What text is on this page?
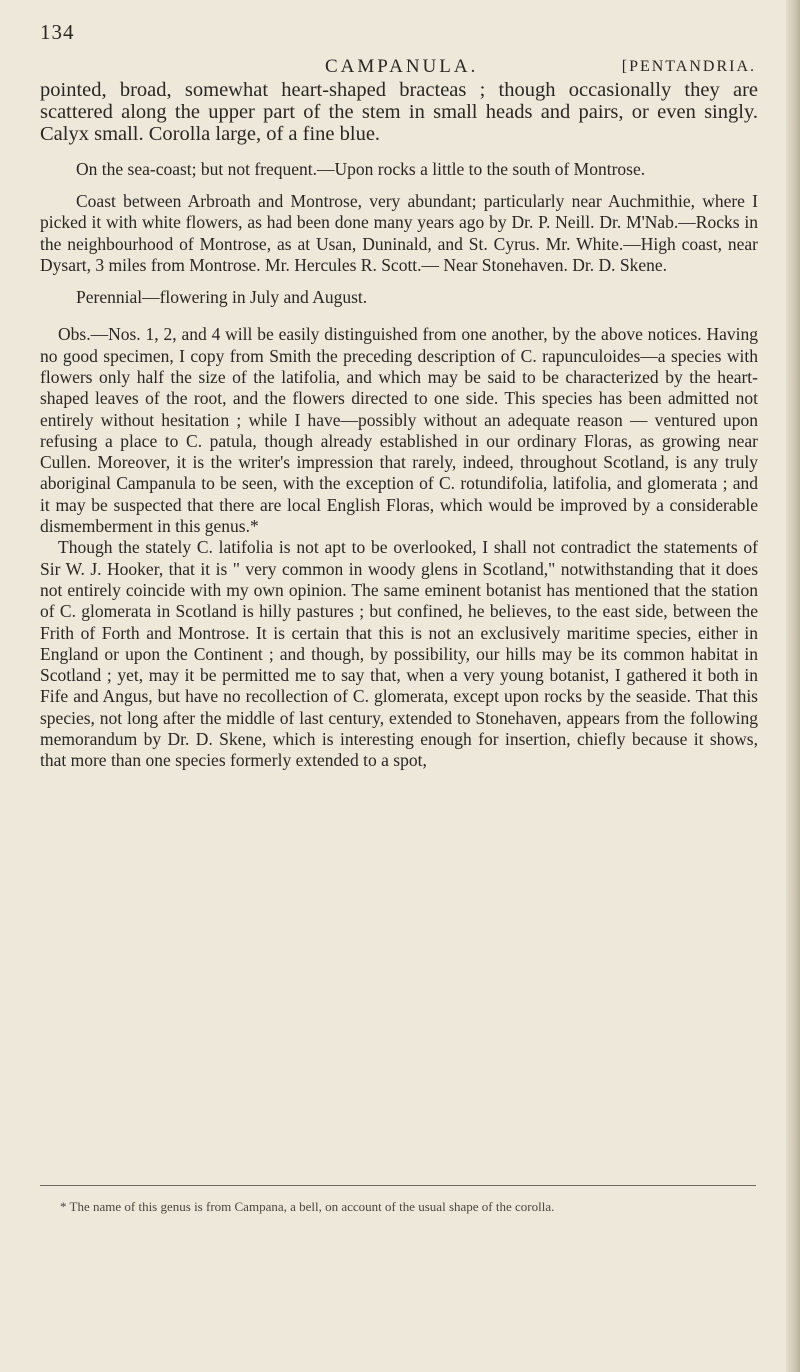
134
CAMPANULA.	[PENTANDRIA.

pointed, broad, somewhat heart-shaped bracteas ; though occasionally they are scattered along the upper part of the stem in small heads and pairs, or even singly. Calyx small. Corolla large, of a fine blue.

On the sea-coast; but not frequent.—Upon rocks a little to the south of Montrose.

Coast between Arbroath and Montrose, very abundant; particularly near Auchmithie, where I picked it with white flowers, as had been done many years ago by Dr. P. Neill. Dr. M'Nab.—Rocks in the neighbourhood of Montrose, as at Usan, Duninald, and St. Cyrus. Mr. White.—High coast, near Dysart, 3 miles from Montrose. Mr. Hercules R. Scott.— Near Stonehaven. Dr. D. Skene.

Perennial—flowering in July and August.

Obs.—Nos. 1, 2, and 4 will be easily distinguished from one another, by the above notices. Having no good specimen, I copy from Smith the preceding description of C. rapunculoides—a species with flowers only half the size of the latifolia, and which may be said to be characterized by the heart-shaped leaves of the root, and the flowers directed to one side. This species has been admitted not entirely without hesitation ; while I have—possibly without an adequate reason — ventured upon refusing a place to C. patula, though already established in our ordinary Floras, as growing near Cullen. Moreover, it is the writer's impression that rarely, indeed, throughout Scotland, is any truly aboriginal Campanula to be seen, with the exception of C. rotundifolia, latifolia, and glomerata ; and it may be suspected that there are local English Floras, which would be improved by a considerable dismemberment in this genus.*

Though the stately C. latifolia is not apt to be overlooked, I shall not contradict the statements of Sir W. J. Hooker, that it is " very common in woody glens in Scotland," notwithstanding that it does not entirely coincide with my own opinion. The same eminent botanist has mentioned that the station of C. glomerata in Scotland is hilly pastures ; but confined, he believes, to the east side, between the Frith of Forth and Montrose. It is certain that this is not an exclusively maritime species, either in England or upon the Continent ; and though, by possibility, our hills may be its common habitat in Scotland ; yet, may it be permitted me to say that, when a very young botanist, I gathered it both in Fife and Angus, but have no recollection of C. glomerata, except upon rocks by the seaside. That this species, not long after the middle of last century, extended to Stonehaven, appears from the following memorandum by Dr. D. Skene, which is interesting enough for insertion, chiefly because it shows, that more than one species formerly extended to a spot,

* The name of this genus is from Campana, a bell, on account of the usual shape of the corolla.
